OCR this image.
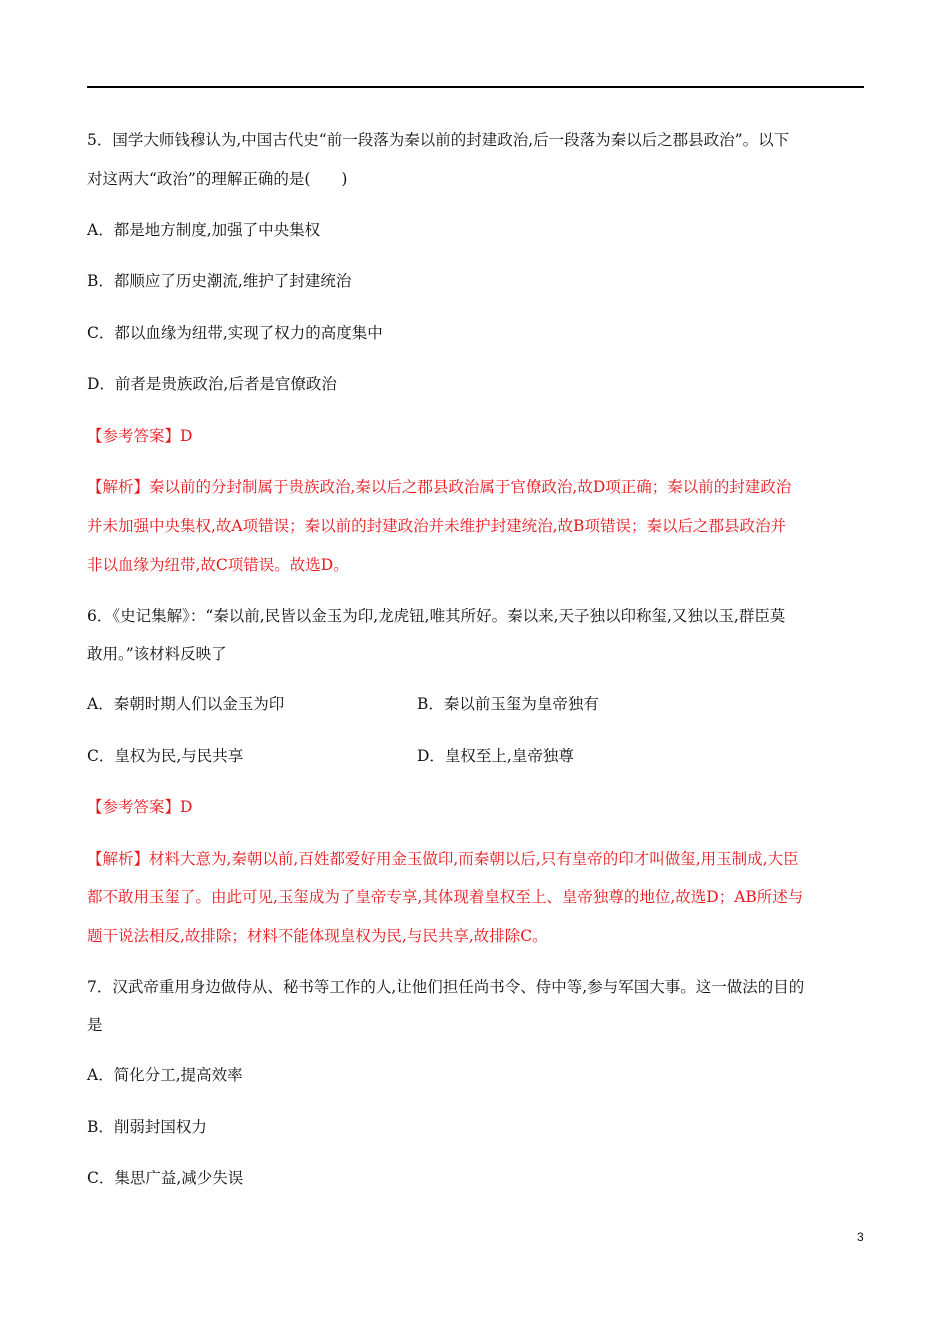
5．国学大师钱穆认为,中国古代史“前一段落为秦以前的封建政治,后一段落为秦以后之郡县政治”。以下
对这两大“政治”的理解正确的是(　　)
A．都是地方制度,加强了中央集权
B．都顺应了历史潮流,维护了封建统治
C．都以血缘为纽带,实现了权力的高度集中
D．前者是贵族政治,后者是官僚政治
【参考答案】D
【解析】秦以前的分封制属于贵族政治,秦以后之郡县政治属于官僚政治,故D项正确；秦以前的封建政治
并未加强中央集权,故A项错误；秦以前的封建政治并未维护封建统治,故B项错误；秦以后之郡县政治并
非以血缘为纽带,故C项错误。故选D。
6．《史记集解》：“秦以前,民皆以金玉为印,龙虎钮,唯其所好。秦以来,天子独以印称玺,又独以玉,群臣莫
敢用。”该材料反映了
A．秦朝时期人们以金玉为印	B．秦以前玉玺为皇帝独有
C．皇权为民,与民共享	D．皇权至上,皇帝独尊
【参考答案】D
【解析】材料大意为,秦朝以前,百姓都爱好用金玉做印,而秦朝以后,只有皇帝的印才叫做玺,用玉制成,大臣
都不敢用玉玺了。由此可见,玉玺成为了皇帝专享,其体现着皇权至上、皇帝独尊的地位,故选D；AB所述与
题干说法相反,故排除；材料不能体现皇权为民,与民共享,故排除C。
7．汉武帝重用身边做侍从、秘书等工作的人,让他们担任尚书令、侍中等,参与军国大事。这一做法的目的
是
A．简化分工,提高效率
B．削弱封国权力
C．集思广益,减少失误
3
